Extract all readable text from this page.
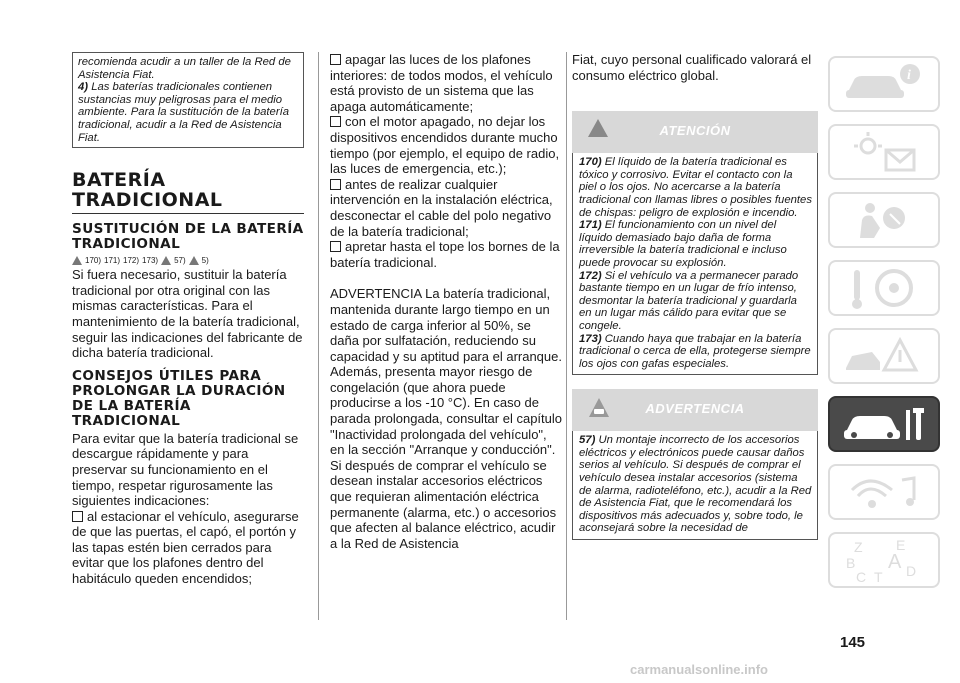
recomienda acudir a un taller de la Red de Asistencia Fiat.

4) Las baterías tradicionales contienen sustancias muy peligrosas para el medio ambiente. Para la sustitución de la batería tradicional, acudir a la Red de Asistencia Fiat.

BATERÍA TRADICIONAL
SUSTITUCIÓN DE LA BATERÍA TRADICIONAL
170) 171) 172) 173) 57) 5)

Si fuera necesario, sustituir la batería tradicional por otra original con las mismas características. Para el mantenimiento de la batería tradicional, seguir las indicaciones del fabricante de dicha batería tradicional.

CONSEJOS ÚTILES PARA PROLONGAR LA DURACIÓN DE LA BATERÍA TRADICIONAL

Para evitar que la batería tradicional se descargue rápidamente y para preservar su funcionamiento en el tiempo, respetar rigurosamente las siguientes indicaciones:

al estacionar el vehículo, asegurarse de que las puertas, el capó, el portón y las tapas estén bien cerrados para evitar que los plafones dentro del habitáculo queden encendidos;

apagar las luces de los plafones interiores: de todos modos, el vehículo está provisto de un sistema que las apaga automáticamente;

con el motor apagado, no dejar los dispositivos encendidos durante mucho tiempo (por ejemplo, el equipo de radio, las luces de emergencia, etc.);

antes de realizar cualquier intervención en la instalación eléctrica, desconectar el cable del polo negativo de la batería tradicional;

apretar hasta el tope los bornes de la batería tradicional.

ADVERTENCIA La batería tradicional, mantenida durante largo tiempo en un estado de carga inferior al 50%, se daña por sulfatación, reduciendo su capacidad y su aptitud para el arranque. Además, presenta mayor riesgo de congelación (que ahora puede producirse a los -10 °C). En caso de parada prolongada, consultar el capítulo "Inactividad prolongada del vehículo", en la sección "Arranque y conducción". Si después de comprar el vehículo se desean instalar accesorios eléctricos que requieran alimentación eléctrica permanente (alarma, etc.) o accesorios que afecten al balance eléctrico, acudir a la Red de Asistencia

Fiat, cuyo personal cualificado valorará el consumo eléctrico global.

ATENCIÓN

170) El líquido de la batería tradicional es tóxico y corrosivo. Evitar el contacto con la piel o los ojos. No acercarse a la batería tradicional con llamas libres o posibles fuentes de chispas: peligro de explosión e incendio.

171) El funcionamiento con un nivel del líquido demasiado bajo daña de forma irreversible la batería tradicional e incluso puede provocar su explosión.

172) Si el vehículo va a permanecer parado bastante tiempo en un lugar de frío intenso, desmontar la batería tradicional y guardarla en un lugar más cálido para evitar que se congele.

173) Cuando haya que trabajar en la batería tradicional o cerca de ella, protegerse siempre los ojos con gafas especiales.

ADVERTENCIA

57) Un montaje incorrecto de los accesorios eléctricos y electrónicos puede causar daños serios al vehículo. Si después de comprar el vehículo desea instalar accesorios (sistema de alarma, radioteléfono, etc.), acudir a la Red de Asistencia Fiat, que le recomendará los dispositivos más adecuados y, sobre todo, le aconsejará sobre la necesidad de

i
Z E
B A
C	D
T
145
carmanualsonline.info
